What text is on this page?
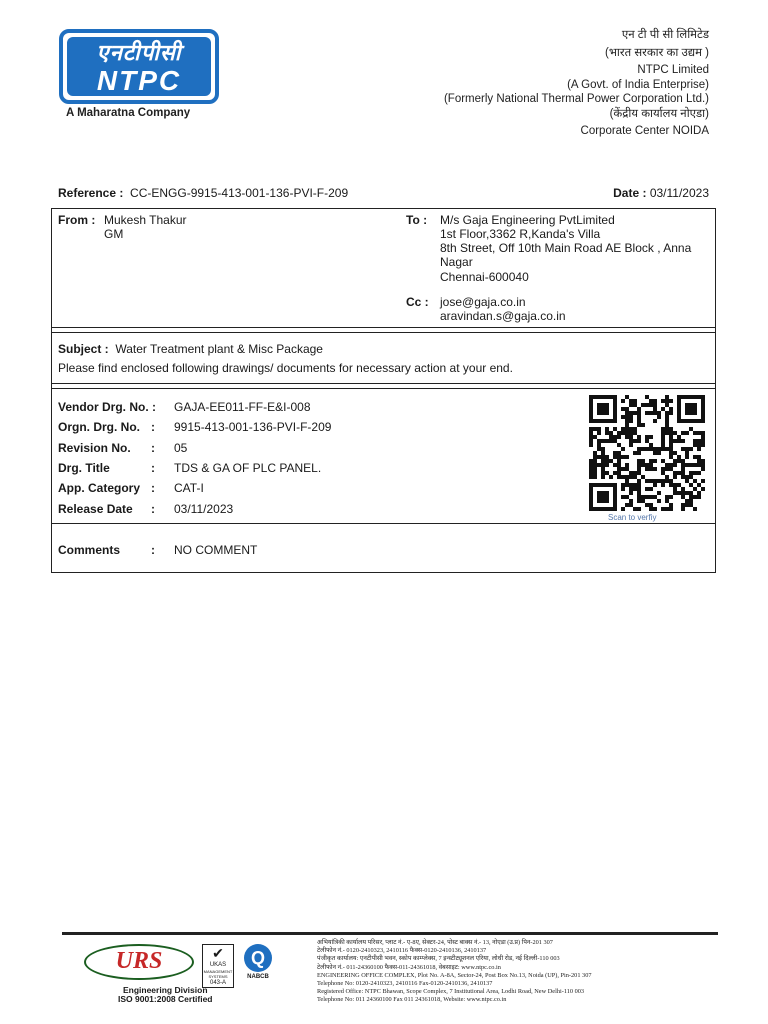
एनटीपीसी
NTPC
A Maharatna Company
एन टी पी सी लिमिटेड
(भारत सरकार का उद्यम )
NTPC Limited
(A Govt. of India Enterprise)
(Formerly National Thermal Power Corporation Ltd.)
(केंद्रीय कार्यालय नोएडा)
Corporate Center NOIDA
Reference : CC-ENGG-9915-413-001-136-PVI-F-209	Date : 03/11/2023
From : Mukesh Thakur
GM
To : M/s Gaja Engineering PvtLimited
1st Floor,3362 R,Kanda's Villa
8th Street, Off 10th Main Road AE Block , Anna
Nagar
Chennai-600040
Cc : jose@gaja.co.in
aravindan.s@gaja.co.in
Subject : Water Treatment plant & Misc Package
Please find enclosed following drawings/ documents for necessary action at your end.
Vendor Drg. No. : GAJA-EE011-FF-E&I-008
Orgn. Drg. No. : 9915-413-001-136-PVI-F-209
Revision No. : 05
Drg. Title	: TDS & GA OF PLC PANEL.
App. Category : CAT-I
Release Date : 03/11/2023
Scan to verfiy
Comments	: NO COMMENT
URS	✔
UKAS
MANAGEMENT
SYSTEMS
043-A
Q
NABCB
Engineering Division
ISO 9001:2008 Certified
अभियांत्रिकी कार्यालय परिसर, प्लाट नं.- ए-8ए, सेक्टर-24, पोस्ट बाक्स नं.- 13, नोएडा (उ.प्र) पिन-201 307
टेलीफोन नं.- 0120-2410323, 2410116 फैक्स-0120-2410136, 2410137
पंजीकृत कार्यालय: एनटीपीसी भवन, स्कोप काम्प्लेक्स, 7 इन्स्टीट्यूशनल एरिया, लोधी रोड, नई दिल्ली-110 003
टेलीफोन नं.- 011-24360100 फैक्स-011-24361018, वेबसाइट: www.ntpc.co.in
ENGINEERING OFFICE COMPLEX, Plot No. A-8A, Sector-24, Post Box No.13, Noida (UP), Pin-201 307
Telephone No: 0120-2410323, 2410116 Fax-0120-2410136, 2410137
Registered Office: NTPC Bhawan, Scope Complex, 7 Institutional Area, Lodhi Road, New Delhi-110 003
Telephone No: 011 24360100 Fax 011 24361018, Website: www.ntpc.co.in
